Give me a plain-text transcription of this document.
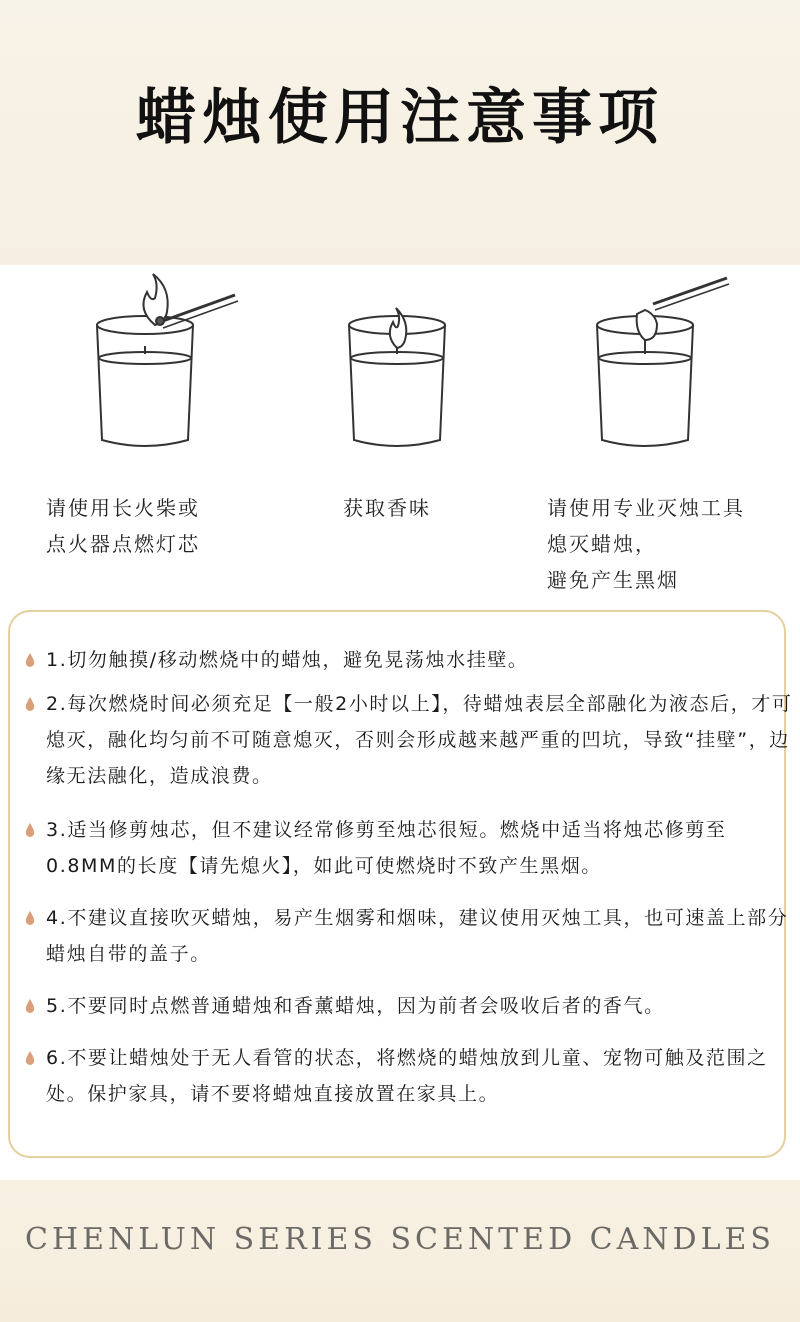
蜡烛使用注意事项
请使用长火柴或
点火器点燃灯芯
获取香味	请使用专业灭烛工具
熄灭蜡烛，
避免产生黑烟
1.切勿触摸/移动燃烧中的蜡烛，避免晃荡烛水挂壁。
2.每次燃烧时间必须充足【一般2小时以上】，待蜡烛表层全部融化为液态后，才可熄灭，融化均匀前不可随意熄灭，否则会形成越来越严重的凹坑，导致“挂壁”，边缘无法融化，造成浪费。
3.适当修剪烛芯，但不建议经常修剪至烛芯很短。燃烧中适当将烛芯修剪至0.8MM的长度【请先熄火】，如此可使燃烧时不致产生黑烟。
4.不建议直接吹灭蜡烛，易产生烟雾和烟味，建议使用灭烛工具，也可速盖上部分蜡烛自带的盖子。
5.不要同时点燃普通蜡烛和香薰蜡烛，因为前者会吸收后者的香气。
6.不要让蜡烛处于无人看管的状态，将燃烧的蜡烛放到儿童、宠物可触及范围之处。保护家具，请不要将蜡烛直接放置在家具上。
CHENLUN SERIES SCENTED CANDLES
